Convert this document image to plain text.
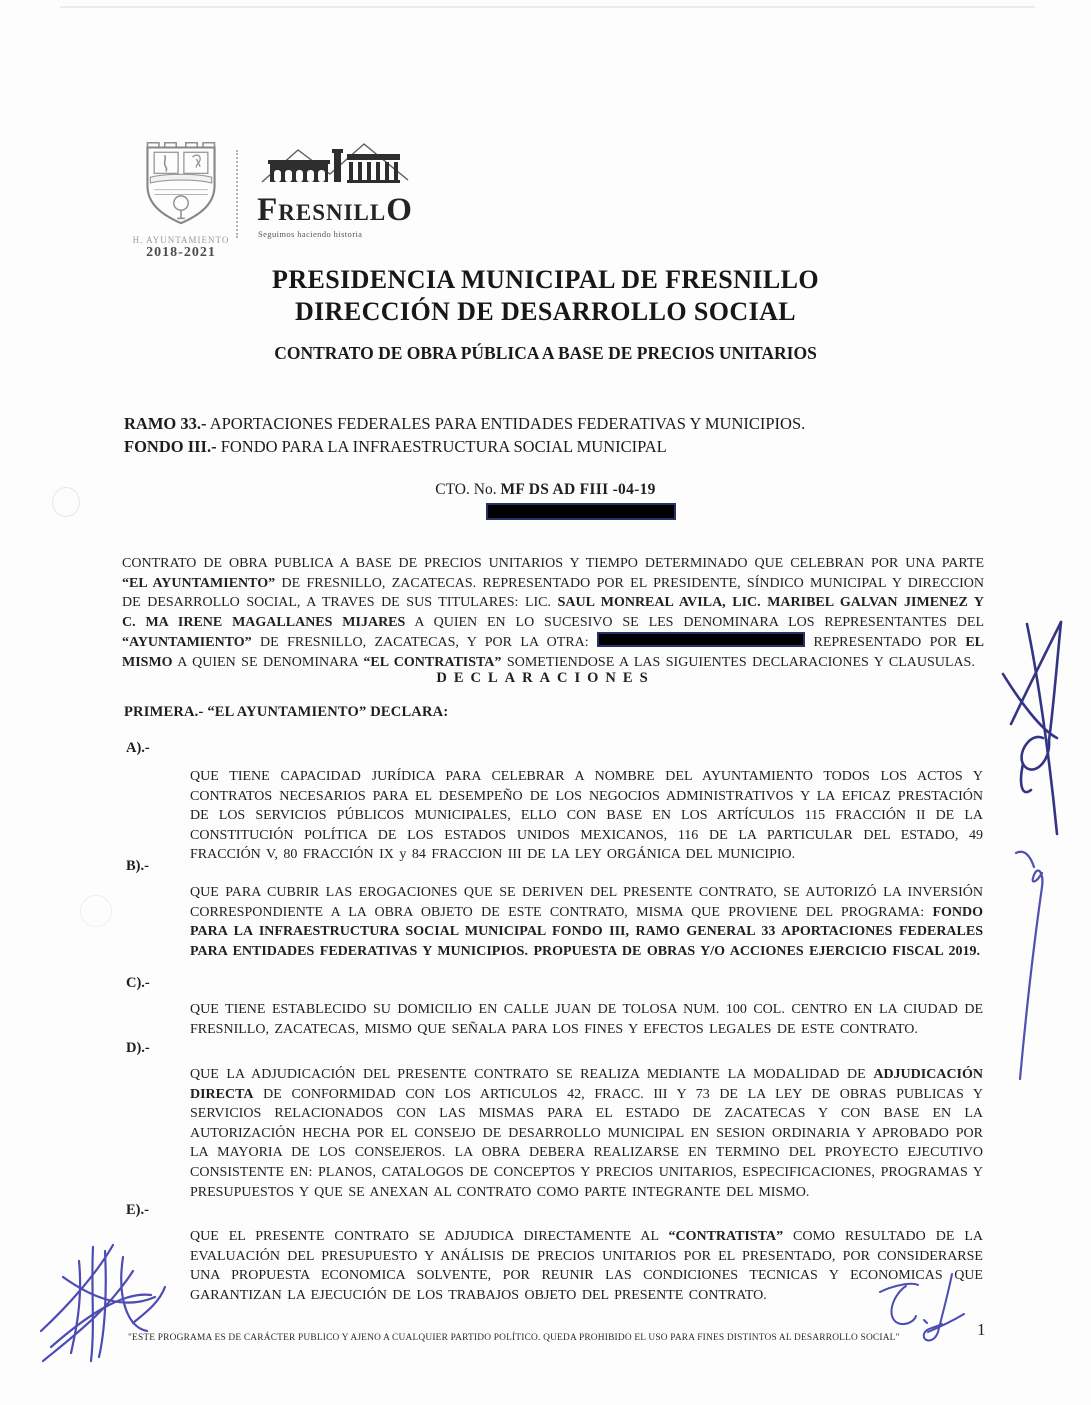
H. AYUNTAMIENTO
2018-2021
FRESNILLO
Seguimos haciendo historia
PRESIDENCIA MUNICIPAL DE FRESNILLO
DIRECCIÓN DE DESARROLLO SOCIAL
CONTRATO DE OBRA PÚBLICA A BASE DE PRECIOS UNITARIOS
RAMO 33.- APORTACIONES FEDERALES PARA ENTIDADES FEDERATIVAS Y MUNICIPIOS.
FONDO III.- FONDO PARA LA INFRAESTRUCTURA SOCIAL MUNICIPAL
CTO. No. MF DS AD FIII -04-19

CONTRATO DE OBRA PUBLICA A BASE DE PRECIOS UNITARIOS Y TIEMPO DETERMINADO QUE CELEBRAN POR UNA PARTE “EL AYUNTAMIENTO” DE FRESNILLO, ZACATECAS. REPRESENTADO POR EL PRESIDENTE, SÍNDICO MUNICIPAL Y DIRECCION DE DESARROLLO SOCIAL, A TRAVES DE SUS TITULARES: LIC. SAUL MONREAL AVILA, LIC. MARIBEL GALVAN JIMENEZ Y C. MA IRENE MAGALLANES MIJARES A QUIEN EN LO SUCESIVO SE LES DENOMINARA LOS REPRESENTANTES DEL “AYUNTAMIENTO” DE FRESNILLO, ZACATECAS, Y POR LA OTRA:	REPRESENTADO POR EL MISMO A QUIEN SE DENOMINARA “EL CONTRATISTA” SOMETIENDOSE A LAS SIGUIENTES DECLARACIONES Y CLAUSULAS.

DECLARACIONES
PRIMERA.- “EL AYUNTAMIENTO” DECLARA:
A).-

QUE TIENE CAPACIDAD JURÍDICA PARA CELEBRAR A NOMBRE DEL AYUNTAMIENTO TODOS LOS ACTOS Y CONTRATOS NECESARIOS PARA EL DESEMPEÑO DE LOS NEGOCIOS ADMINISTRATIVOS Y LA EFICAZ PRESTACIÓN DE LOS SERVICIOS PÚBLICOS MUNICIPALES, ELLO CON BASE EN LOS ARTÍCULOS 115 FRACCIÓN II DE LA CONSTITUCIÓN POLÍTICA DE LOS ESTADOS UNIDOS MEXICANOS, 116 DE LA PARTICULAR DEL ESTADO, 49 FRACCIÓN V, 80 FRACCIÓN IX y 84 FRACCION III DE LA LEY ORGÁNICA DEL MUNICIPIO.

B).-

QUE PARA CUBRIR LAS EROGACIONES QUE SE DERIVEN DEL PRESENTE CONTRATO, SE AUTORIZÓ LA INVERSIÓN CORRESPONDIENTE A LA OBRA OBJETO DE ESTE CONTRATO, MISMA QUE PROVIENE DEL PROGRAMA: FONDO PARA LA INFRAESTRUCTURA SOCIAL MUNICIPAL FONDO III, RAMO GENERAL 33 APORTACIONES FEDERALES PARA ENTIDADES FEDERATIVAS Y MUNICIPIOS. PROPUESTA DE OBRAS Y/O ACCIONES EJERCICIO FISCAL 2019.

C).-

QUE TIENE ESTABLECIDO SU DOMICILIO EN CALLE JUAN DE TOLOSA NUM. 100 COL. CENTRO EN LA CIUDAD DE FRESNILLO, ZACATECAS, MISMO QUE SEÑALA PARA LOS FINES Y EFECTOS LEGALES DE ESTE CONTRATO.

D).-

QUE LA ADJUDICACIÓN DEL PRESENTE CONTRATO SE REALIZA MEDIANTE LA MODALIDAD DE ADJUDICACIÓN DIRECTA DE CONFORMIDAD CON LOS ARTICULOS 42, FRACC. III Y 73 DE LA LEY DE OBRAS PUBLICAS Y SERVICIOS RELACIONADOS CON LAS MISMAS PARA EL ESTADO DE ZACATECAS Y CON BASE EN LA AUTORIZACIÓN HECHA POR EL CONSEJO DE DESARROLLO MUNICIPAL EN SESION ORDINARIA Y APROBADO POR LA MAYORIA DE LOS CONSEJEROS. LA OBRA DEBERA REALIZARSE EN TERMINO DEL PROYECTO EJECUTIVO CONSISTENTE EN: PLANOS, CATALOGOS DE CONCEPTOS Y PRECIOS UNITARIOS, ESPECIFICACIONES, PROGRAMAS Y PRESUPUESTOS Y QUE SE ANEXAN AL CONTRATO COMO PARTE INTEGRANTE DEL MISMO.

E).-

QUE EL PRESENTE CONTRATO SE ADJUDICA DIRECTAMENTE AL “CONTRATISTA” COMO RESULTADO DE LA EVALUACIÓN DEL PRESUPUESTO Y ANÁLISIS DE PRECIOS UNITARIOS POR EL PRESENTADO, POR CONSIDERARSE UNA PROPUESTA ECONOMICA SOLVENTE, POR REUNIR LAS CONDICIONES TECNICAS Y ECONOMICAS QUE GARANTIZAN LA EJECUCIÓN DE LOS TRABAJOS OBJETO DEL PRESENTE CONTRATO.

"ESTE PROGRAMA ES DE CARÁCTER PUBLICO Y AJENO A CUALQUIER PARTIDO POLÍTICO. QUEDA PROHIBIDO EL USO PARA FINES DISTINTOS AL DESARROLLO SOCIAL"	1
